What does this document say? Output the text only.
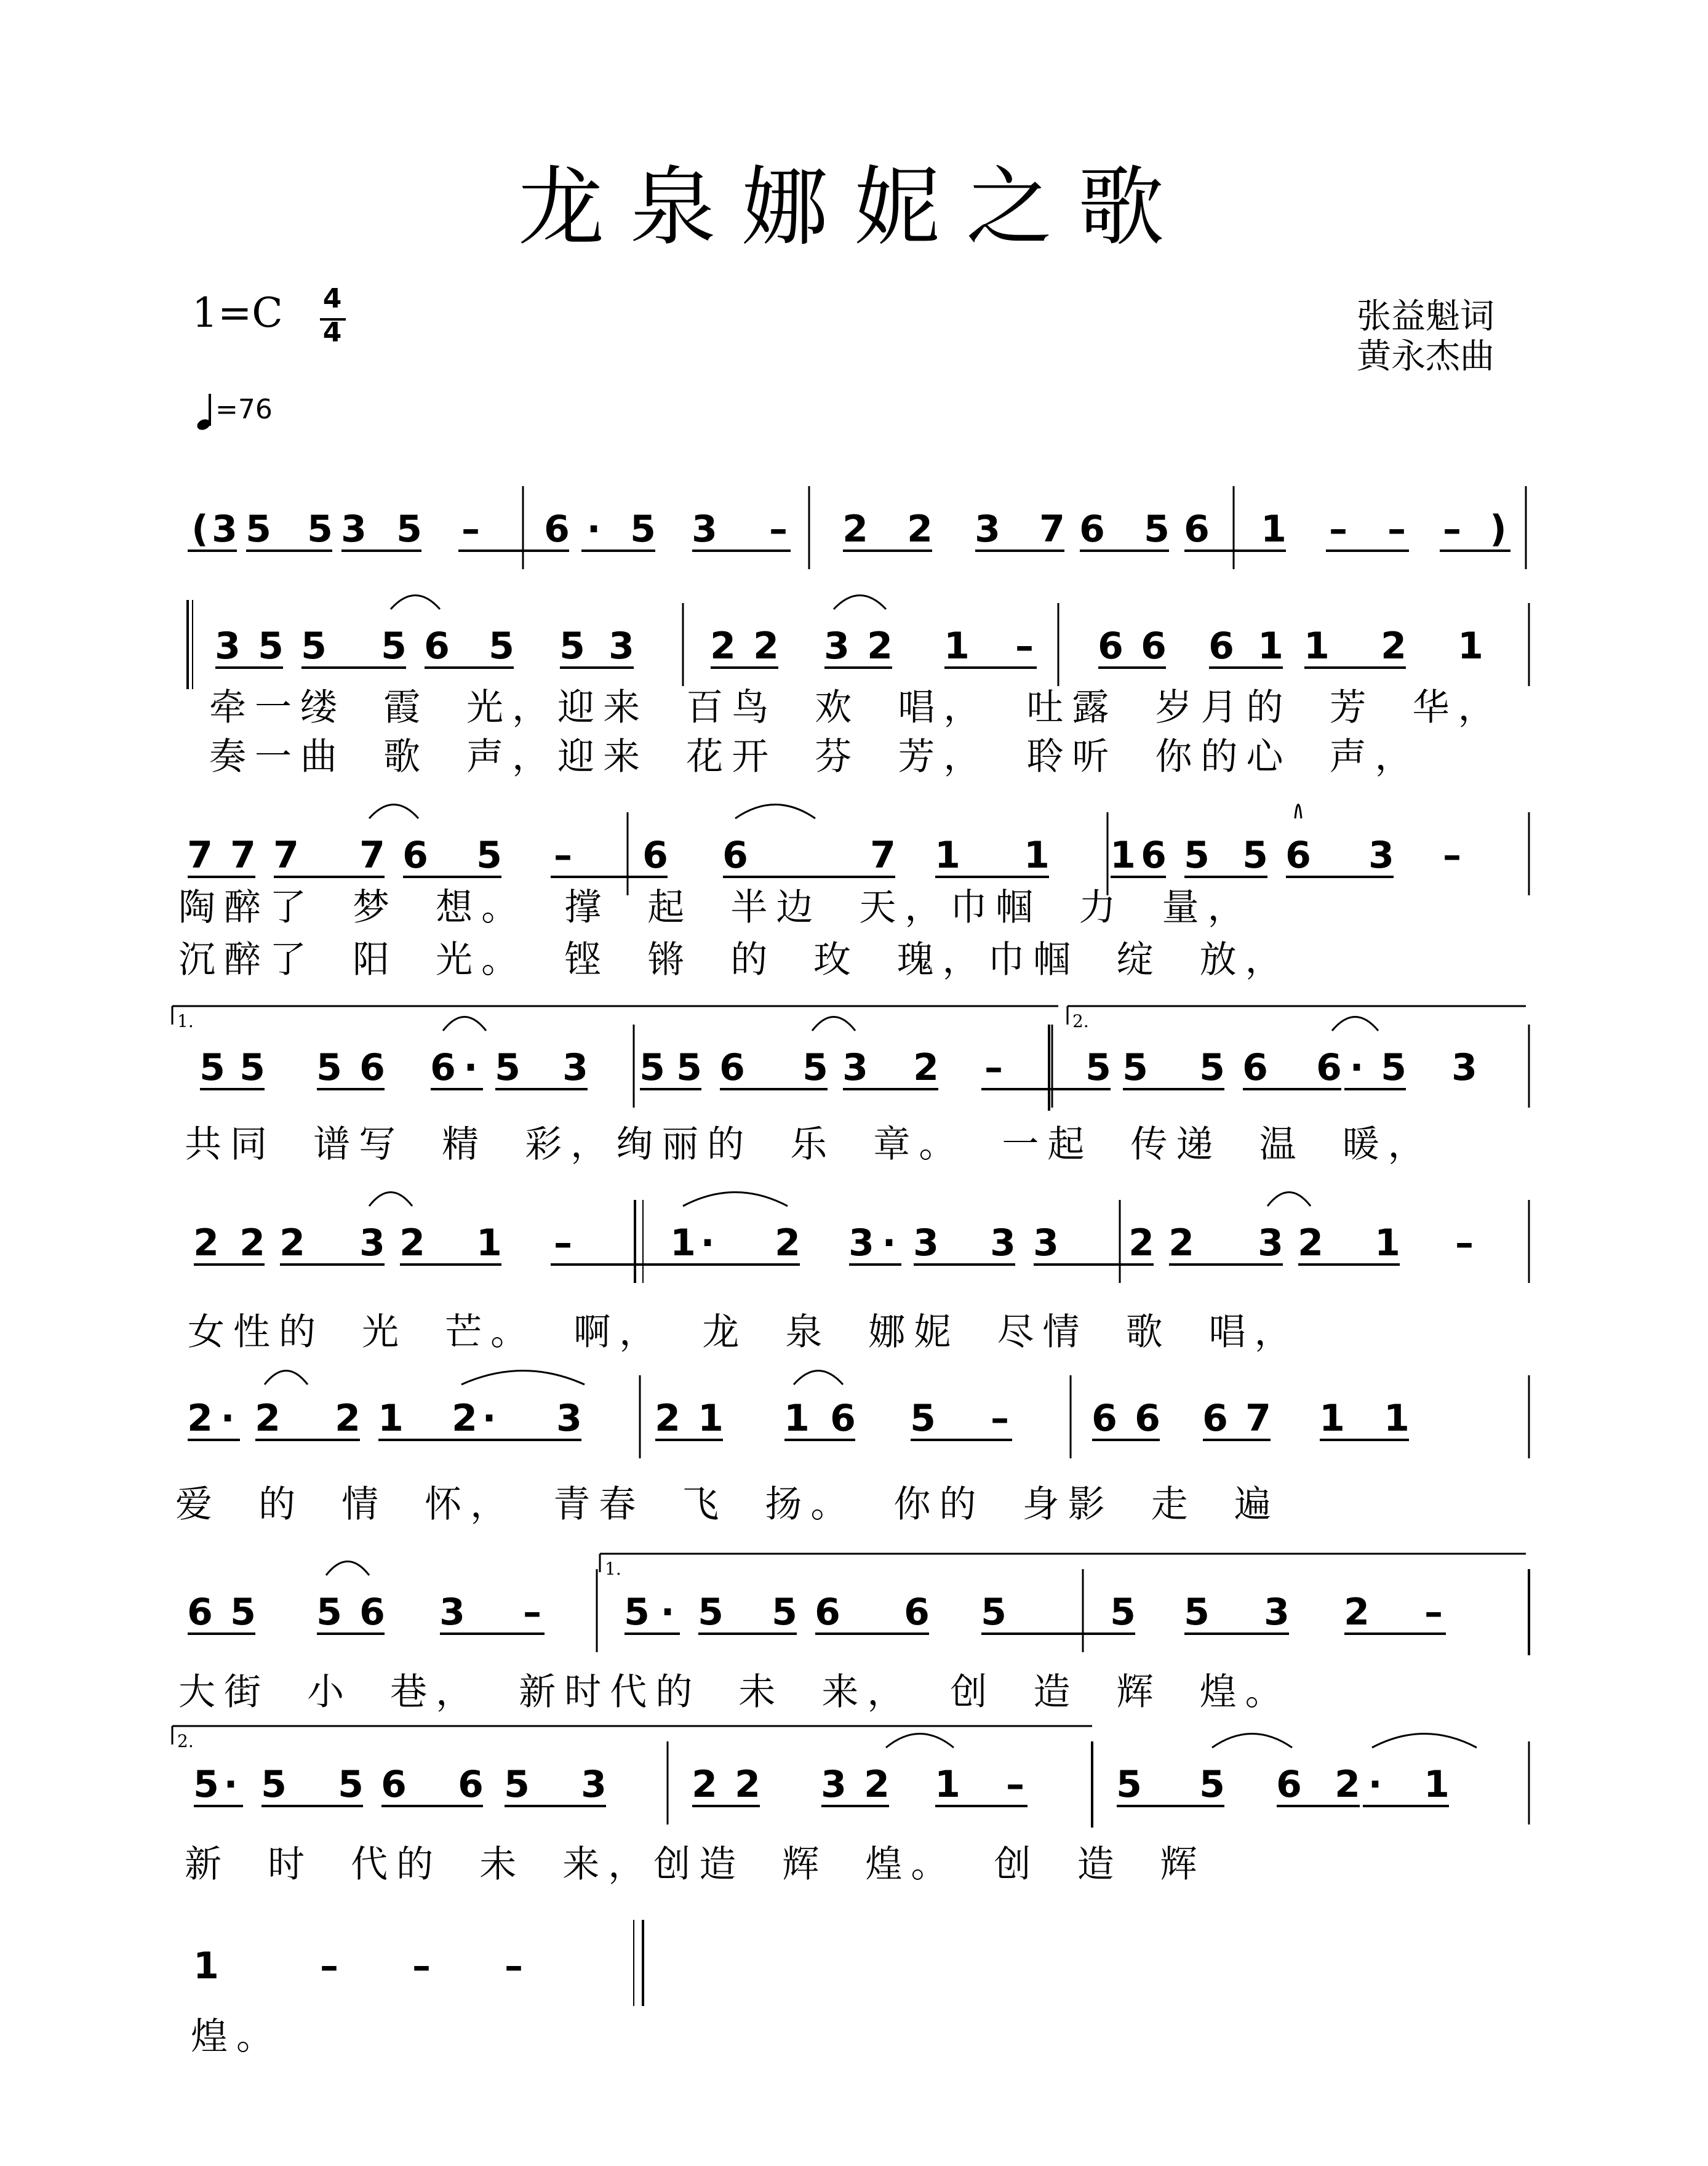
龙泉娜妮之歌
1=C 4
4	张益魁词
黄永杰曲
=76
( 3 5 5 3 5 – 6 · 5 3 – 2 2 3 7 6 5 6 1 – – – )
3 5 5 5 6 5 5 3 2 2 3 2 1 – 6 6 6 1 1 2 1
牵一缕 霞 光，迎来 百鸟 欢 唱， 吐露 岁月的 芳 华，
奏一曲 歌 声，迎来 花开 芬 芳， 聆听 你的心 声，
7 7 7 7 6 5 – 6 6	7 1 1 1 6 5 5 6 3 –
陶醉了 梦 想。 撑 起 半边 天，巾帼 力 量，
沉醉了 阳 光。 铿 锵 的 玫 瑰，巾帼 绽 放，
5 5 5 6 6 · 5 3 5 5 6 5 3 2 – 5 5 5 6 6 · 5 3
共同 谱写 精 彩，绚丽的 乐 章。 一起 传递 温 暖，
2 2 2 3 2 1 –	1 · 2 3 · 3 3 3 2 2 3 2 1 –
女性的 光 芒。 啊， 龙 泉 娜妮 尽情 歌 唱，
2 · 2 2 1 2 · 3 2 1 1 6 5 – 6 6 6 7 1 1
爱 的 情 怀， 青春 飞 扬。 你的 身影 走 遍
6 5 5 6 3 – 5 · 5 5 6 6 5	5 5 3 2 –
大街 小 巷， 新时代的 未 来， 创 造 辉 煌。
5 · 5 5 6 6 5 3 2 2 3 2 1 – 5 5 6 2 · 1
新 时 代的 未 来，创造 辉 煌。 创 造 辉
1	– – –
煌。
1.	2.
1.
2.
